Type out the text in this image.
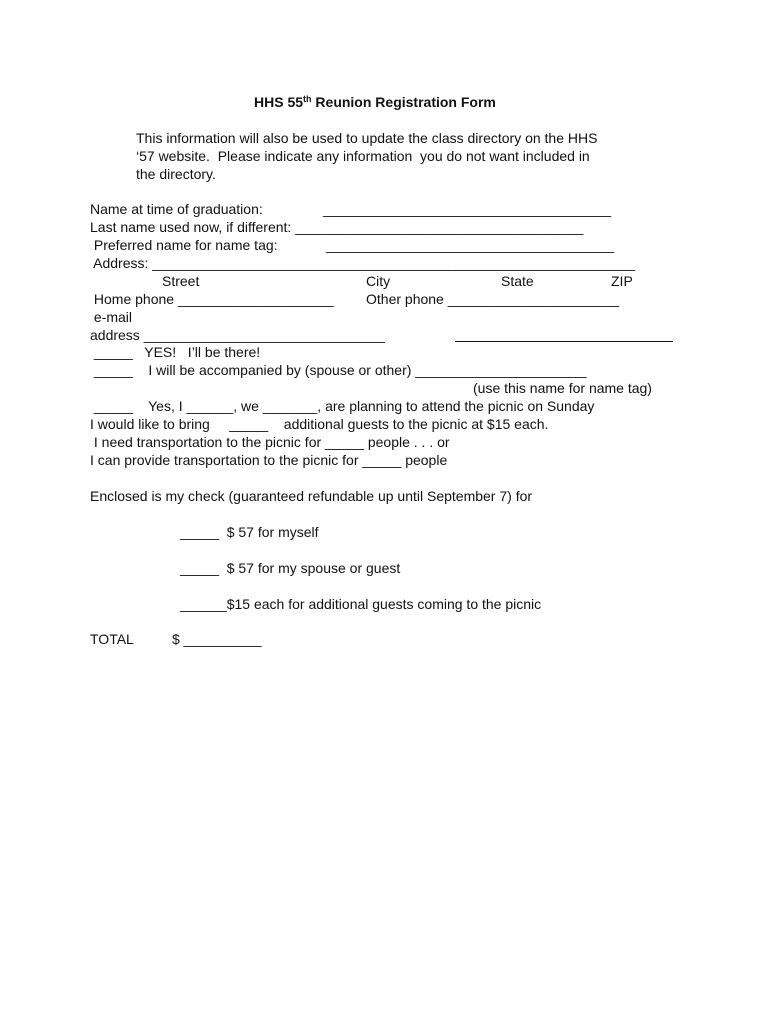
HHS 55th Reunion Registration Form
This information will also be used to update the class directory on the HHS
‘57 website.  Please indicate any information  you do not want included in
the directory.
Name at time of graduation:	_____________________________________
Last name used now, if different: _____________________________________
Preferred name for name tag:	_____________________________________
Address: ______________________________________________________________
Street	City	State	ZIP
Home phone ____________________ Other phone ______________________
e-mail
address _______________________________
_____   YES!   I’ll be there!
_____    I will be accompanied by (spouse or other) ______________________
(use this name for name tag)
_____    Yes, I ______, we _______, are planning to attend the picnic on Sunday
I would like to bring     _____    additional guests to the picnic at $15 each.
I need transportation to the picnic for _____ people . . . or
I can provide transportation to the picnic for _____ people
Enclosed is my check (guaranteed refundable up until September 7) for
_____  $ 57 for myself
_____  $ 57 for my spouse or guest
______$15 each for additional guests coming to the picnic
TOTAL	$ __________
